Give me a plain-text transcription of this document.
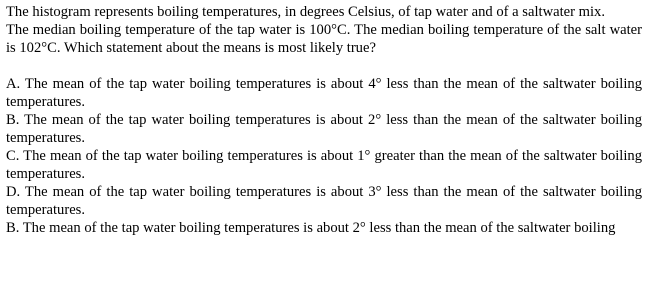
The histogram represents boiling temperatures, in degrees Celsius, of tap water and of a saltwater mix.

The median boiling temperature of the tap water is 100°C. The median boiling temperature of the salt water is 102°C. Which statement about the means is most likely true?

A. The mean of the tap water boiling temperatures is about 4° less than the mean of the saltwater boiling temperatures.

B. The mean of the tap water boiling temperatures is about 2° less than the mean of the saltwater boiling temperatures.

C. The mean of the tap water boiling temperatures is about 1° greater than the mean of the saltwater boiling temperatures.

D. The mean of the tap water boiling temperatures is about 3° less than the mean of the saltwater boiling temperatures.

B. The mean of the tap water boiling temperatures is about 2° less than the mean of the saltwater boiling
